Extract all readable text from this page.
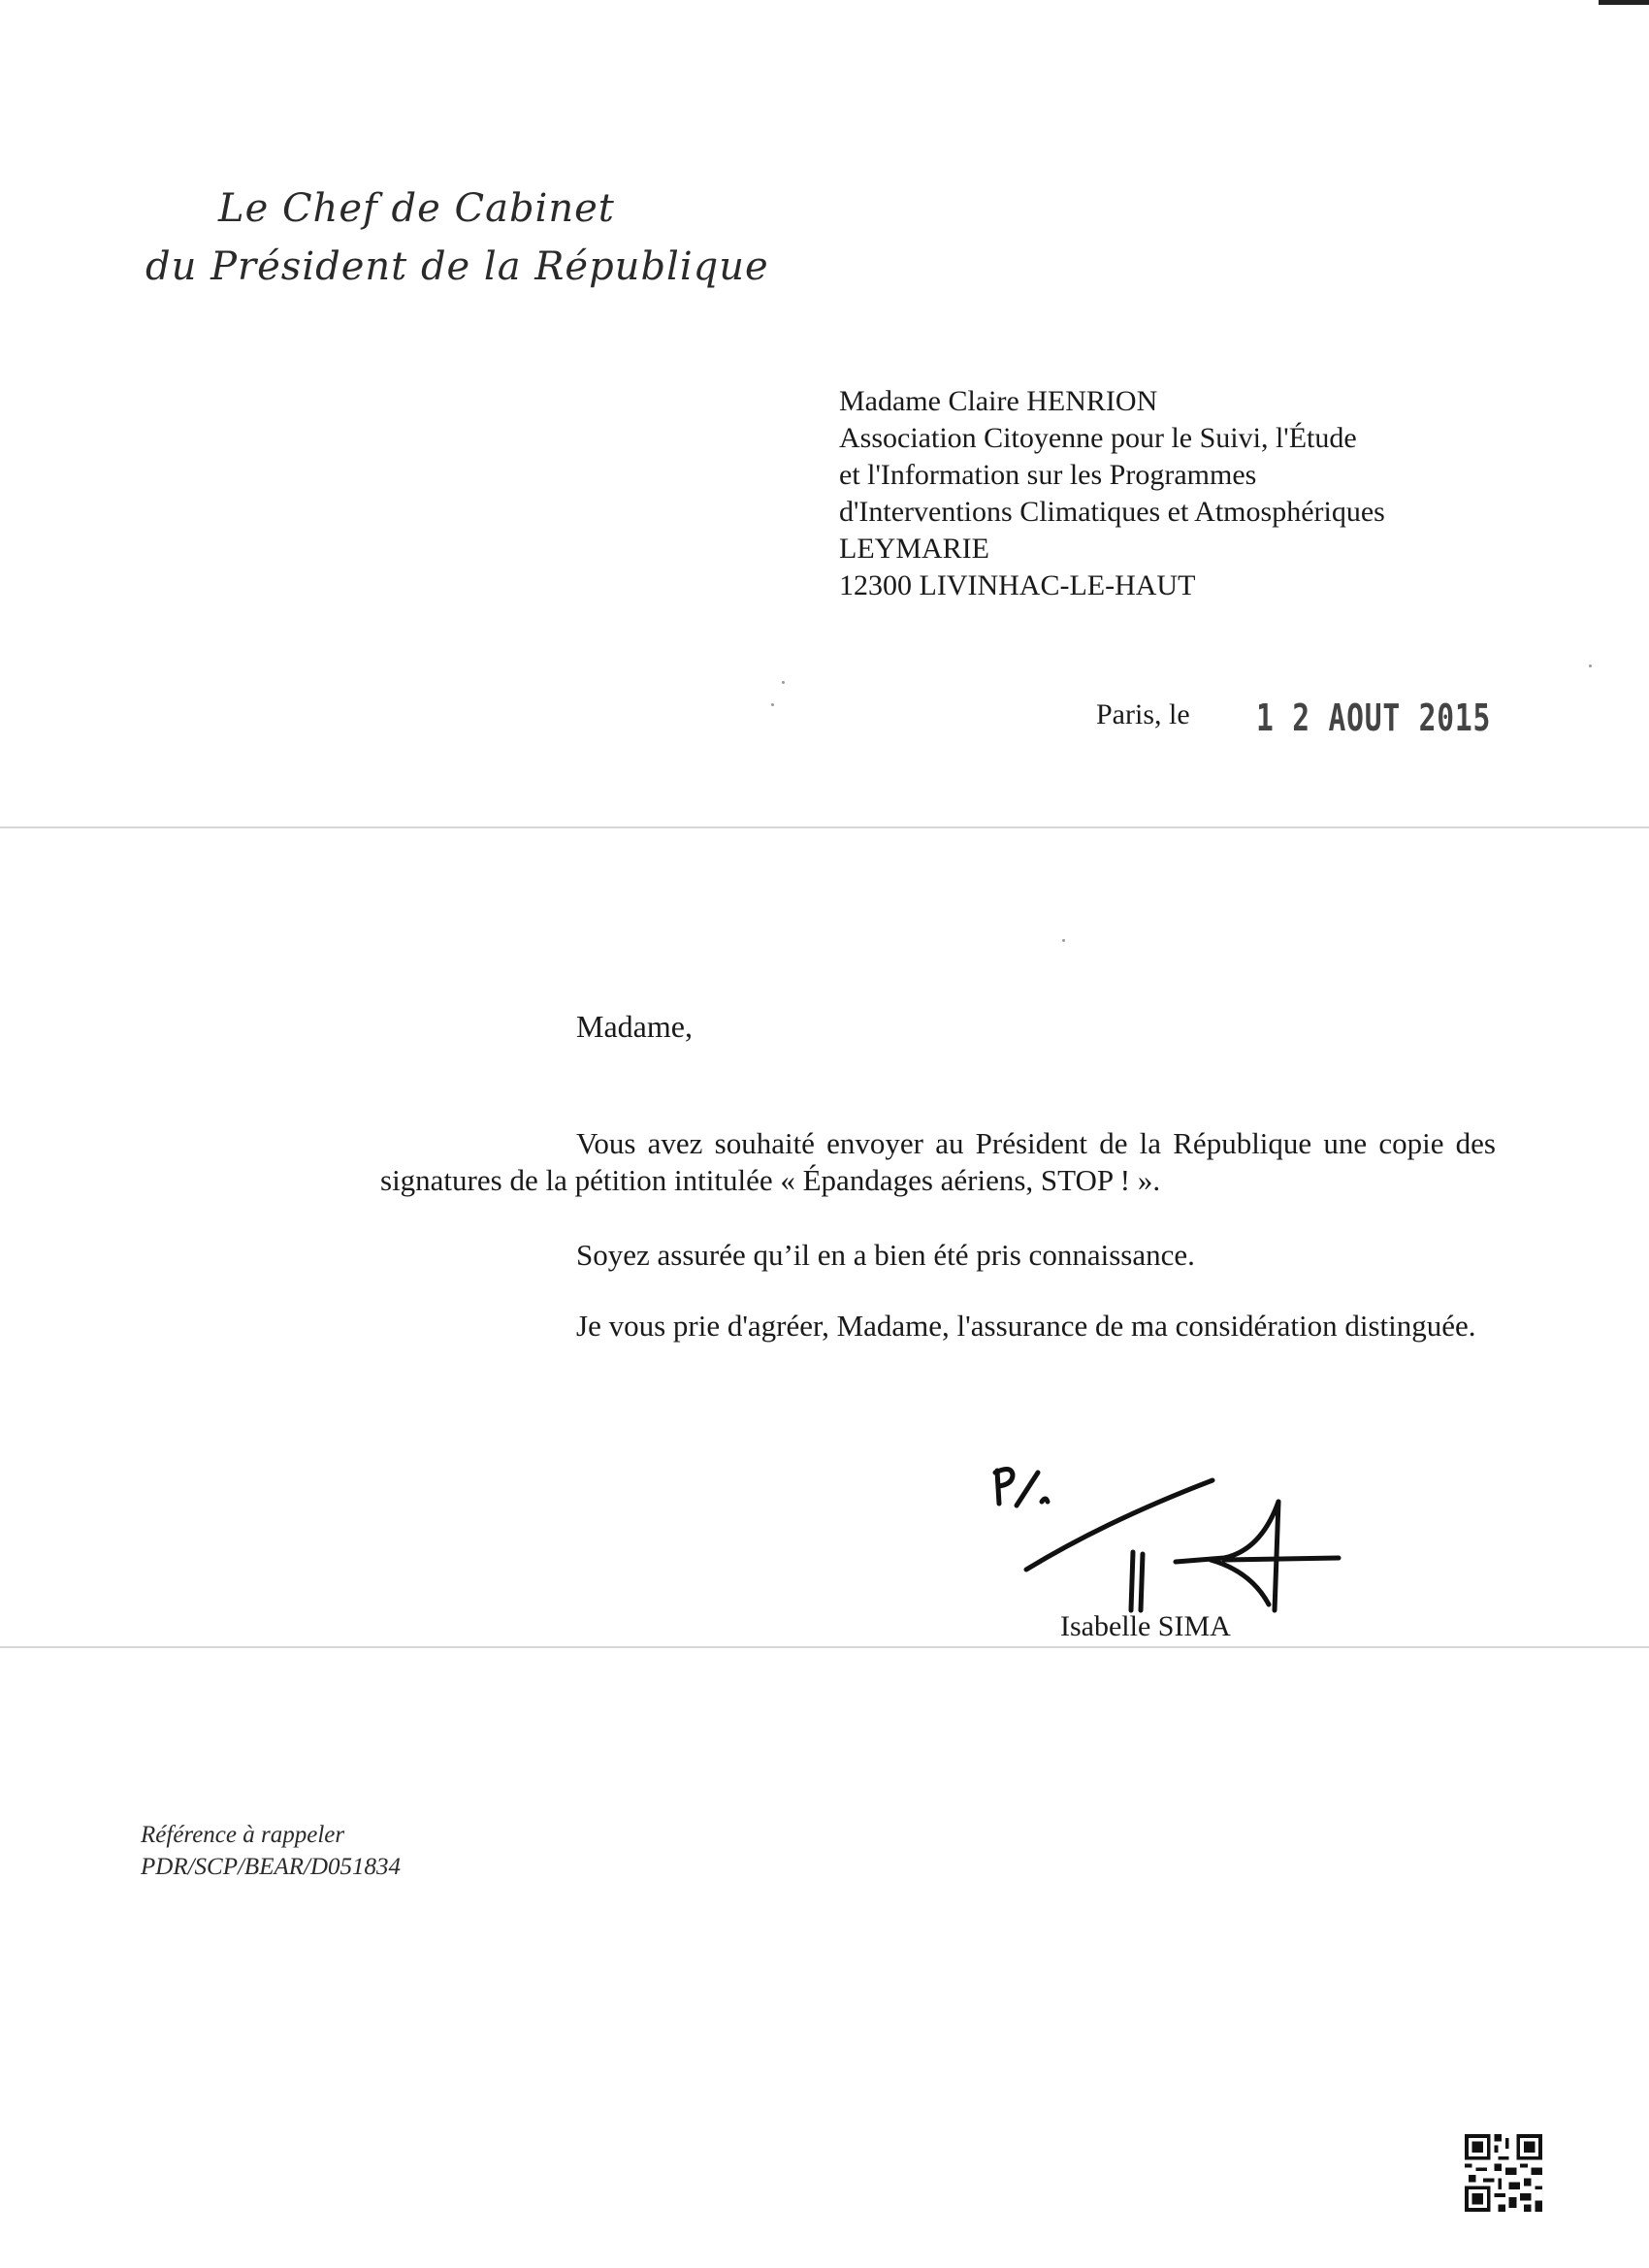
Le Chef de Cabinet
du Président de la République
Madame Claire HENRION
Association Citoyenne pour le Suivi, l'Étude
et l'Information sur les Programmes
d'Interventions Climatiques et Atmosphériques
LEYMARIE
12300 LIVINHAC-LE-HAUT
Paris, le 1 2 AOUT 2015
Madame,
Vous avez souhaité envoyer au Président de la République une copie des signatures de la pétition intitulée « Épandages aériens, STOP ! ».
Soyez assurée qu’il en a bien été pris connaissance.
Je vous prie d'agréer, Madame, l'assurance de ma considération distinguée.
Isabelle SIMA
Référence à rappeler
PDR/SCP/BEAR/D051834
